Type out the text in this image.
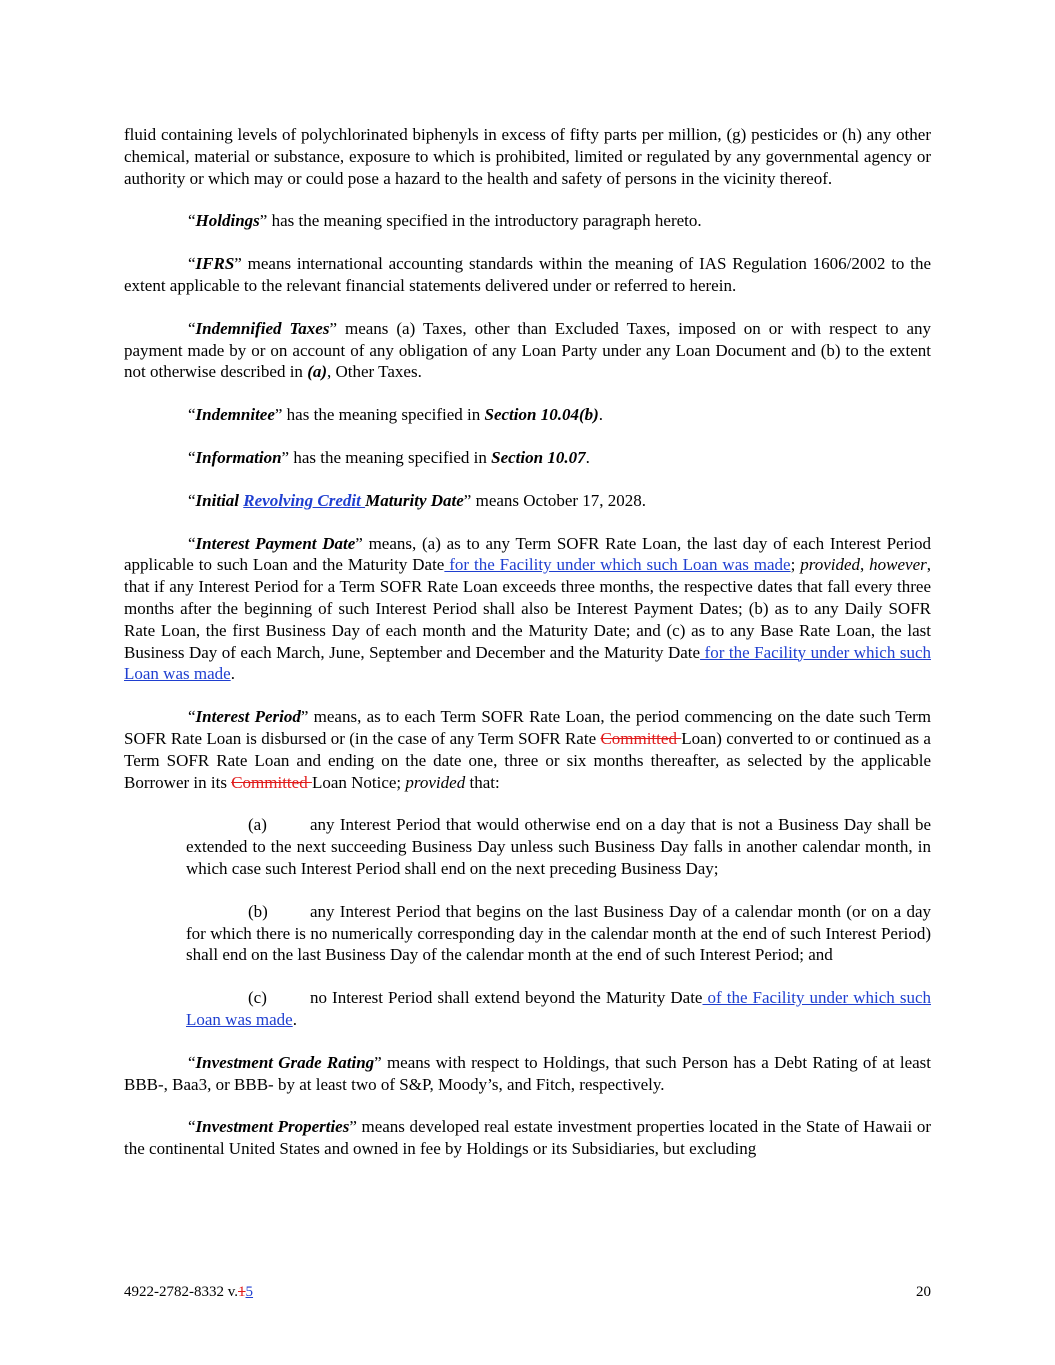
fluid containing levels of polychlorinated biphenyls in excess of fifty parts per million, (g) pesticides or (h) any other chemical, material or substance, exposure to which is prohibited, limited or regulated by any governmental agency or authority or which may or could pose a hazard to the health and safety of persons in the vicinity thereof.

“Holdings” has the meaning specified in the introductory paragraph hereto.

“IFRS” means international accounting standards within the meaning of IAS Regulation 1606/2002 to the extent applicable to the relevant financial statements delivered under or referred to herein.

“Indemnified Taxes” means (a) Taxes, other than Excluded Taxes, imposed on or with respect to any payment made by or on account of any obligation of any Loan Party under any Loan Document and (b) to the extent not otherwise described in (a), Other Taxes.

“Indemnitee” has the meaning specified in Section 10.04(b).

“Information” has the meaning specified in Section 10.07.

“Initial Revolving Credit Maturity Date” means October 17, 2028.

“Interest Payment Date” means, (a) as to any Term SOFR Rate Loan, the last day of each Interest Period applicable to such Loan and the Maturity Date for the Facility under which such Loan was made; provided, however, that if any Interest Period for a Term SOFR Rate Loan exceeds three months, the respective dates that fall every three months after the beginning of such Interest Period shall also be Interest Payment Dates; (b) as to any Daily SOFR Rate Loan, the first Business Day of each month and the Maturity Date; and (c) as to any Base Rate Loan, the last Business Day of each March, June, September and December and the Maturity Date for the Facility under which such Loan was made.

“Interest Period” means, as to each Term SOFR Rate Loan, the period commencing on the date such Term SOFR Rate Loan is disbursed or (in the case of any Term SOFR Rate Committed Loan) converted to or continued as a Term SOFR Rate Loan and ending on the date one, three or six months thereafter, as selected by the applicable Borrower in its Committed Loan Notice; provided that:

(a)	any Interest Period that would otherwise end on a day that is not a Business Day shall be extended to the next succeeding Business Day unless such Business Day falls in another calendar month, in which case such Interest Period shall end on the next preceding Business Day;

(b) any Interest Period that begins on the last Business Day of a calendar month (or on a day for which there is no numerically corresponding day in the calendar month at the end of such Interest Period) shall end on the last Business Day of the calendar month at the end of such Interest Period; and

(c)	no Interest Period shall extend beyond the Maturity Date of the Facility under which such Loan was made.

“Investment Grade Rating” means with respect to Holdings, that such Person has a Debt Rating of at least BBB-, Baa3, or BBB- by at least two of S&P, Moody’s, and Fitch, respectively.

“Investment Properties” means developed real estate investment properties located in the State of Hawaii or the continental United States and owned in fee by Holdings or its Subsidiaries, but excluding

4922-2782-8332 v.15	20
